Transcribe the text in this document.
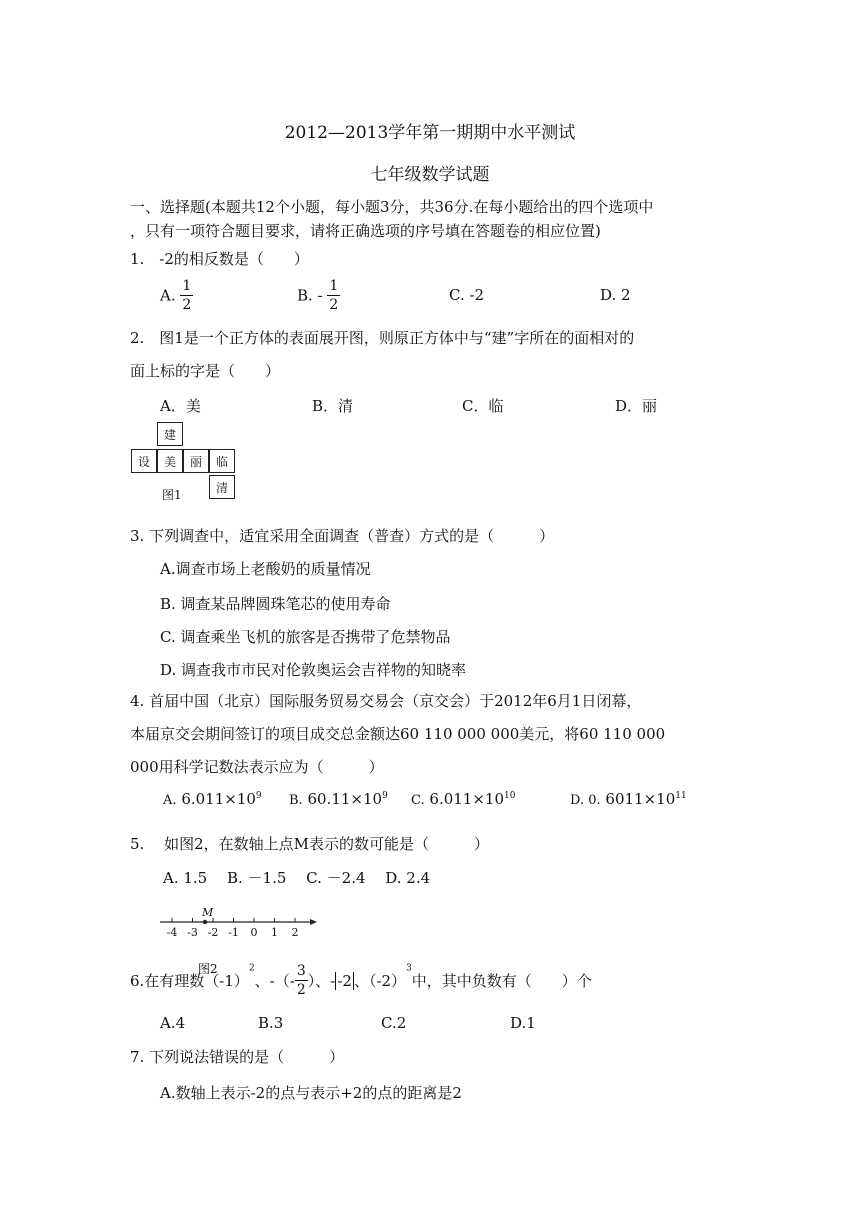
2012—2013学年第一期期中水平测试
七年级数学试题
一、选择题(本题共12个小题，每小题3分，共36分.在每小题给出的四个选项中
，只有一项符合题目要求，请将正确选项的序号填在答题卷的相应位置)
1.　-2的相反数是（　　）
A. $\frac{1}{2}$	B. - $\frac{1}{2}$	C. -2	D. 2
2.　图1是一个正方体的表面展开图，则原正方体中与“建”字所在的面相对的
面上标的字是（　　）
A．美	B．清	C．临	D．丽
建
设	美	丽	临
清
图1
3. 下列调查中，适宜采用全面调查（普查）方式的是（　　　）
A.调查市场上老酸奶的质量情况
B. 调查某品牌圆珠笔芯的使用寿命
C. 调查乘坐飞机的旅客是否携带了危禁物品
D. 调查我市市民对伦敦奥运会吉祥物的知晓率
4. 首届中国（北京）国际服务贸易交易会（京交会）于2012年6月1日闭幕，
本届京交会期间签订的项目成交总金额达60 110 000 000美元，将60 110 000
000用科学记数法表示应为（　　　）
A. $6.011\times 10^9$ B. $60.11\times 10^9$ C. $6.011\times 10^{10}$	D. 0. $6011\times 10^{11}$
5.　 如图2，在数轴上点M表示的数可能是（　　　）
A. 1.5　 B. －1.5　 C. －2.4　 D. 2.4
M
-4 -3 -2 -1 0 1 2
图2
6.在有理数$(-1)^2$、-（- $\frac{3}{2}$ ）、- -2 、$(-2)^3$中，其中负数有（　　）个
A.4	B.3	C.2	D.1
7. 下列说法错误的是（　　　）
A.数轴上表示-2的点与表示+2的点的距离是2
